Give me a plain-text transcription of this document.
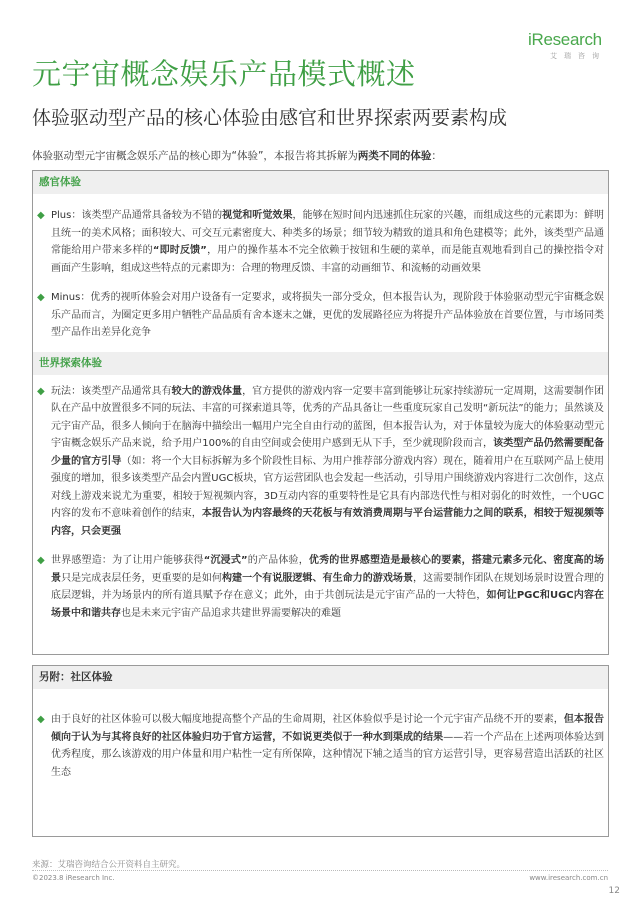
iResearch
艾瑞咨询
元宇宙概念娱乐产品模式概述
体验驱动型产品的核心体验由感官和世界探索两要素构成
体验驱动型元宇宙概念娱乐产品的核心即为“体验”，本报告将其拆解为两类不同的体验：
感官体验
◆ Plus：该类型产品通常具备较为不错的视觉和听觉效果，能够在短时间内迅速抓住玩家的兴趣，而组成这些的元素即为：鲜明且统一的美术风格；面积较大、可交互元素密度大、种类多的场景；细节较为精致的道具和角色建模等；此外，该类型产品通常能给用户带来多样的“即时反馈”，用户的操作基本不完全依赖于按钮和生硬的菜单，而是能直观地看到自己的操控指令对画面产生影响，组成这些特点的元素即为：合理的物理反馈、丰富的动画细节、和流畅的动画效果
◆ Minus：优秀的视听体验会对用户设备有一定要求，或将损失一部分受众，但本报告认为，现阶段于体验驱动型元宇宙概念娱乐产品而言，为圈定更多用户牺牲产品品质有舍本逐末之嫌，更优的发展路径应为将提升产品体验放在首要位置，与市场同类型产品作出差异化竞争
世界探索体验
◆ 玩法：该类型产品通常具有较大的游戏体量，官方提供的游戏内容一定要丰富到能够让玩家持续游玩一定周期，这需要制作团队在产品中放置很多不同的玩法、丰富的可探索道具等，优秀的产品具备让一些重度玩家自己发明“新玩法”的能力；虽然谈及元宇宙产品，很多人倾向于在脑海中描绘出一幅用户完全自由行动的蓝图，但本报告认为，对于体量较为庞大的体验驱动型元宇宙概念娱乐产品来说，给予用户100%的自由空间或会使用户感到无从下手，至少就现阶段而言，该类型产品仍然需要配备少量的官方引导（如：将一个大目标拆解为多个阶段性目标、为用户推荐部分游戏内容）现在，随着用户在互联网产品上使用强度的增加，很多该类型产品会内置UGC板块，官方运营团队也会发起一些活动，引导用户围绕游戏内容进行二次创作，这点对线上游戏来说尤为重要，相较于短视频内容，3D互动内容的重要特性是它具有内部迭代性与相对弱化的时效性，一个UGC内容的发布不意味着创作的结束，本报告认为内容最终的天花板与有效消费周期与平台运营能力之间的联系，相较于短视频等内容，只会更强
◆ 世界感塑造：为了让用户能够获得“沉浸式”的产品体验，优秀的世界感塑造是最核心的要素，搭建元素多元化、密度高的场景只是完成表层任务，更重要的是如何构建一个有说服逻辑、有生命力的游戏场景，这需要制作团队在规划场景时设置合理的底层逻辑，并为场景内的所有道具赋予存在意义；此外，由于共创玩法是元宇宙产品的一大特色，如何让PGC和UGC内容在场景中和谐共存也是未来元宇宙产品追求共建世界需要解决的难题
另附：社区体验
◆ 由于良好的社区体验可以极大幅度地提高整个产品的生命周期，社区体验似乎是讨论一个元宇宙产品绕不开的要素，但本报告倾向于认为与其将良好的社区体验归功于官方运营，不如说更类似于一种水到渠成的结果——若一个产品在上述两项体验达到优秀程度，那么该游戏的用户体量和用户粘性一定有所保障，这种情况下辅之适当的官方运营引导，更容易营造出活跃的社区生态
来源：艾瑞咨询结合公开资料自主研究。
©2023.8 iResearch Inc.	www.iresearch.com.cn
12
